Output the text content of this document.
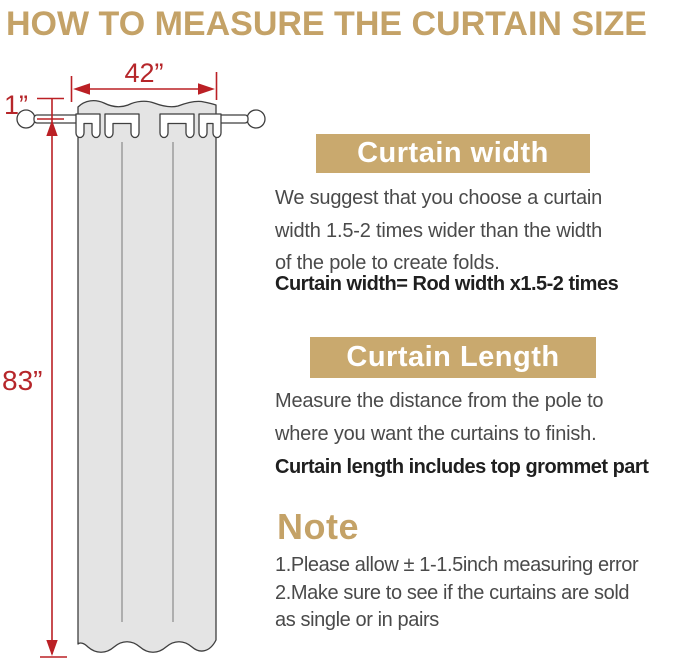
HOW TO MEASURE THE CURTAIN SIZE
42”
1”
83”
Curtain width
We suggest that you choose a curtain
width 1.5-2 times wider than the width
of the pole to create folds.
Curtain width= Rod width x1.5-2 times
Curtain Length
Measure the distance from the pole to
where you want the curtains to finish.
Curtain length includes top grommet part
Note
1.Please allow ± 1-1.5inch measuring error
2.Make sure to see if the curtains are sold
as single or in pairs
